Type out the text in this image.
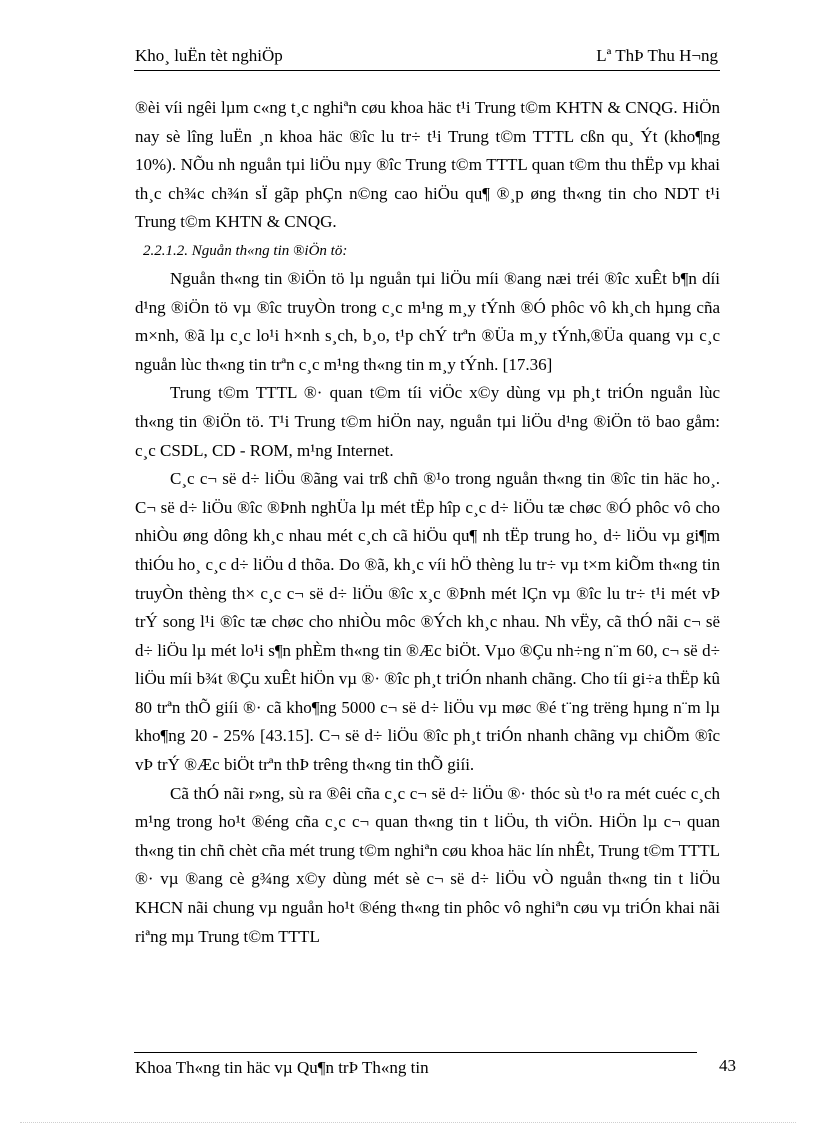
Kho¸ luËn tèt nghiÖp	Lª ThÞ Thu H¬ng

®èi víi ngêi lµm c«ng t¸c nghiªn cøu khoa häc t¹i Trung t©m KHTN & CNQG. HiÖn nay sè lîng luËn ¸n khoa häc ®îc lu tr÷ t¹i Trung t©m TTTL cßn qu¸ Ýt (kho¶ng 10%). NÕu nh nguån tµi liÖu nµy ®îc Trung t©m TTTL quan t©m thu thËp vµ khai th¸c ch¾c ch¾n sÏ gãp phÇn n©ng cao hiÖu qu¶ ®¸p øng th«ng tin cho NDT t¹i Trung t©m KHTN & CNQG.

2.2.1.2. Nguån th«ng tin ®iÖn tö:

Nguån th«ng tin ®iÖn tö lµ nguån tµi liÖu míi ®ang næi tréi ®îc xuÊt b¶n díi d¹ng ®iÖn tö vµ ®îc truyÒn trong c¸c m¹ng m¸y tÝnh ®Ó phôc vô kh¸ch hµng cña m×nh, ®ã lµ c¸c lo¹i h×nh s¸ch, b¸o, t¹p chÝ trªn ®Üa m¸y tÝnh,®Üa quang vµ c¸c nguån lùc th«ng tin trªn c¸c m¹ng th«ng tin m¸y tÝnh. [17.36]

Trung t©m TTTL ®· quan t©m tíi viÖc x©y dùng vµ ph¸t triÓn nguån lùc th«ng tin ®iÖn tö. T¹i Trung t©m hiÖn nay, nguån tµi liÖu d¹ng ®iÖn tö bao gåm: c¸c CSDL, CD - ROM, m¹ng Internet.

C¸c c¬ së d÷ liÖu ®ãng vai trß chñ ®¹o trong nguån th«ng tin ®îc tin häc ho¸. C¬ së d÷ liÖu ®îc ®Þnh nghÜa lµ mét tËp hîp c¸c d÷ liÖu tæ chøc ®Ó phôc vô cho nhiÒu øng dông kh¸c nhau mét c¸ch cã hiÖu qu¶ nh tËp trung ho¸ d÷ liÖu vµ gi¶m thiÓu ho¸ c¸c d÷ liÖu d thõa. Do ®ã, kh¸c víi hÖ thèng lu tr÷ vµ t×m kiÕm th«ng tin truyÒn thèng th× c¸c c¬ së d÷ liÖu ®îc x¸c ®Þnh mét lÇn vµ ®îc lu tr÷ t¹i mét vÞ trÝ song l¹i ®îc tæ chøc cho nhiÒu môc ®Ých kh¸c nhau. Nh vËy, cã thÓ nãi c¬ së d÷ liÖu lµ mét lo¹i s¶n phÈm th«ng tin ®Æc biÖt. Vµo ®Çu nh÷ng n¨m 60, c¬ së d÷ liÖu míi b¾t ®Çu xuÊt hiÖn vµ ®· ®îc ph¸t triÓn nhanh chãng. Cho tíi gi÷a thËp kû 80 trªn thÕ giíi ®· cã kho¶ng 5000 c¬ së d÷ liÖu vµ møc ®é t¨ng trëng hµng n¨m lµ kho¶ng 20 - 25% [43.15]. C¬ së d÷ liÖu ®îc ph¸t triÓn nhanh chãng vµ chiÕm ®îc vÞ trÝ ®Æc biÖt trªn thÞ trêng th«ng tin thÕ giíi.

Cã thÓ nãi r»ng, sù ra ®êi cña c¸c c¬ së d÷ liÖu ®· thóc sù t¹o ra mét cuéc c¸ch m¹ng trong ho¹t ®éng cña c¸c c¬ quan th«ng tin t liÖu, th viÖn. HiÖn lµ c¬ quan th«ng tin chñ chèt cña mét trung t©m nghiªn cøu khoa häc lín nhÊt, Trung t©m TTTL ®· vµ ®ang cè g¾ng x©y dùng mét sè c¬ së d÷ liÖu vÒ nguån th«ng tin t liÖu KHCN nãi chung vµ nguån ho¹t ®éng th«ng tin phôc vô nghiªn cøu vµ triÓn khai nãi riªng mµ Trung t©m TTTL

Khoa Th«ng tin häc vµ Qu¶n trÞ Th«ng tin	43
